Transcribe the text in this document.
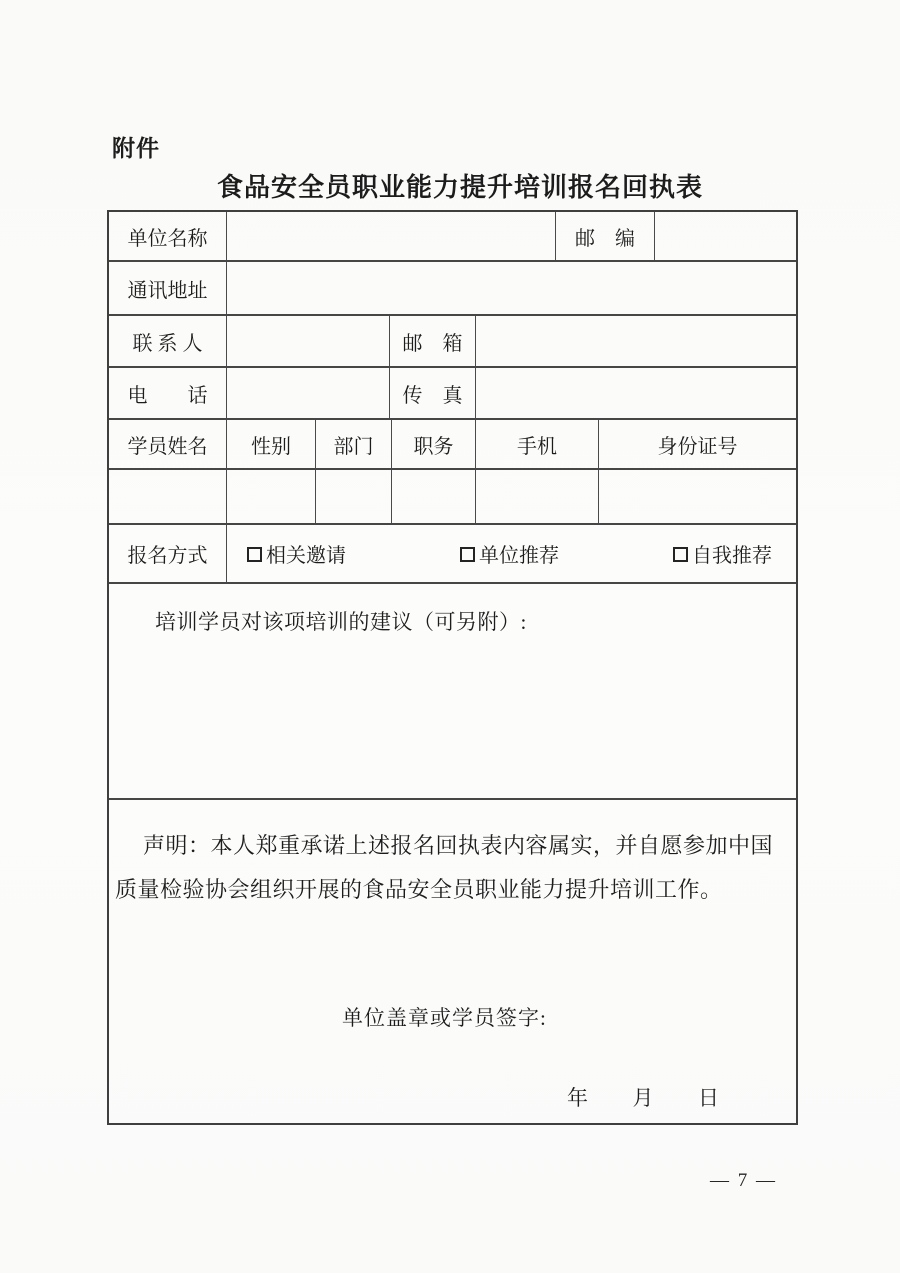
附件
食品安全员职业能力提升培训报名回执表
单位名称	邮　编
通讯地址
联 系 人	邮　箱
电　　话	传　真
学员姓名 性别 部门 职务	手机	身份证号
报名方式	相关邀请	单位推荐	自我推荐
培训学员对该项培训的建议（可另附）:
声明：本人郑重承诺上述报名回执表内容属实，并自愿参加中国
质量检验协会组织开展的食品安全员职业能力提升培训工作。
单位盖章或学员签字:
年 月 日
— 7 —
